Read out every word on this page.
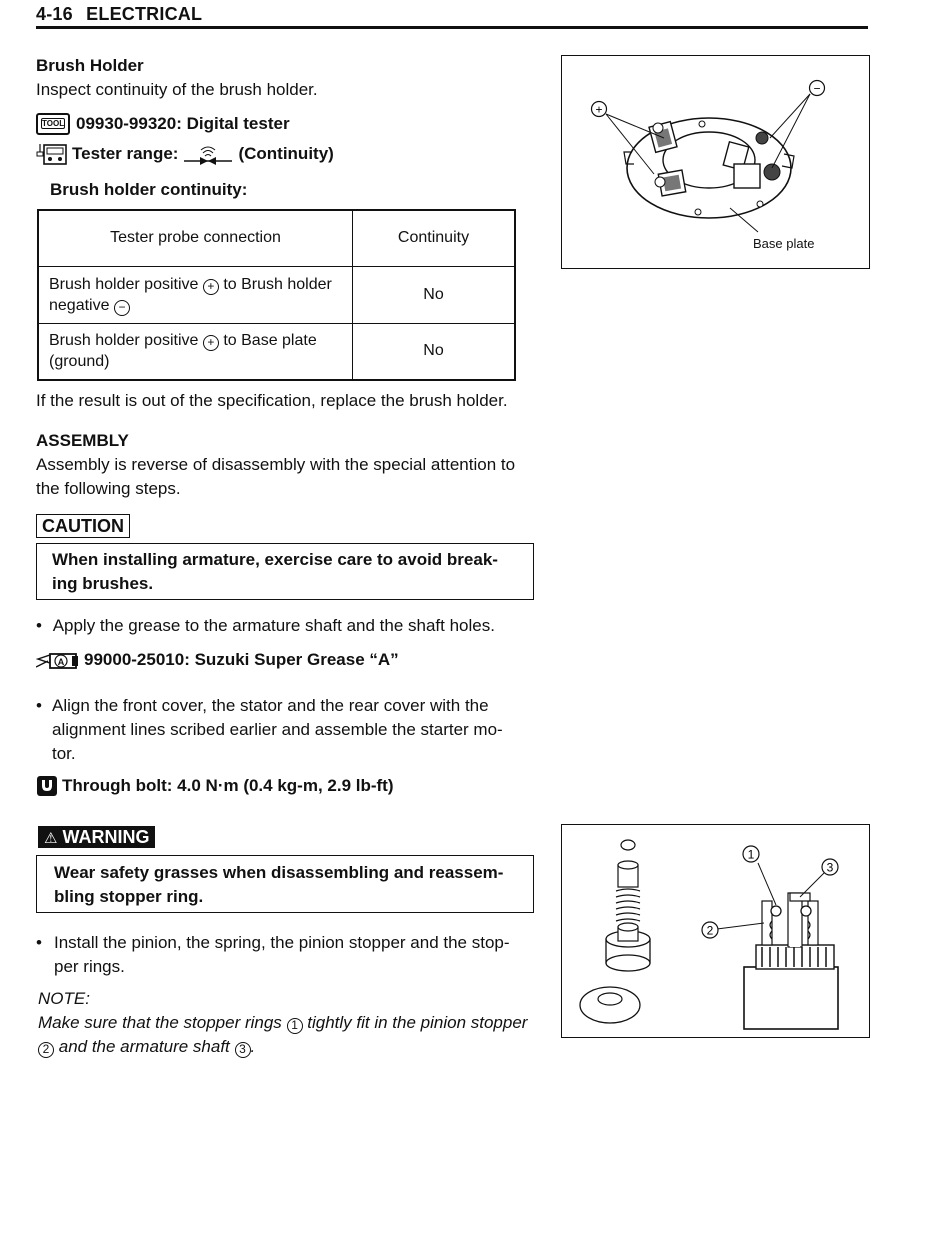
4-16 ELECTRICAL
Brush Holder
Inspect continuity of the brush holder.
TOOL 09930-99320: Digital tester
Tester range:	(Continuity)
Brush holder continuity:
Tester probe connection	Continuity
Brush holder positive + to Brush holder
negative −	No
Brush holder positive + to Base plate
(ground)	No
If the result is out of the specification, replace the brush holder.
ASSEMBLY
Assembly is reverse of disassembly with the special attention to
the following steps.
CAUTION
When installing armature, exercise care to avoid break-
ing brushes.
• Apply the grease to the armature shaft and the shaft holes.
A 99000-25010: Suzuki Super Grease “A”
• Align the front cover, the stator and the rear cover with the
alignment lines scribed earlier and assemble the starter mo-
tor.
Through bolt: 4.0 N·m (0.4 kg-m, 2.9 lb-ft)
⚠ WARNING
Wear safety grasses when disassembling and reassem-
bling stopper ring.
• Install the pinion, the spring, the pinion stopper and the stop-
per rings.
NOTE:
Make sure that the stopper rings 1 tightly fit in the pinion stopper
2 and the armature shaft 3 .
+
−
Base plate
1
2
3
